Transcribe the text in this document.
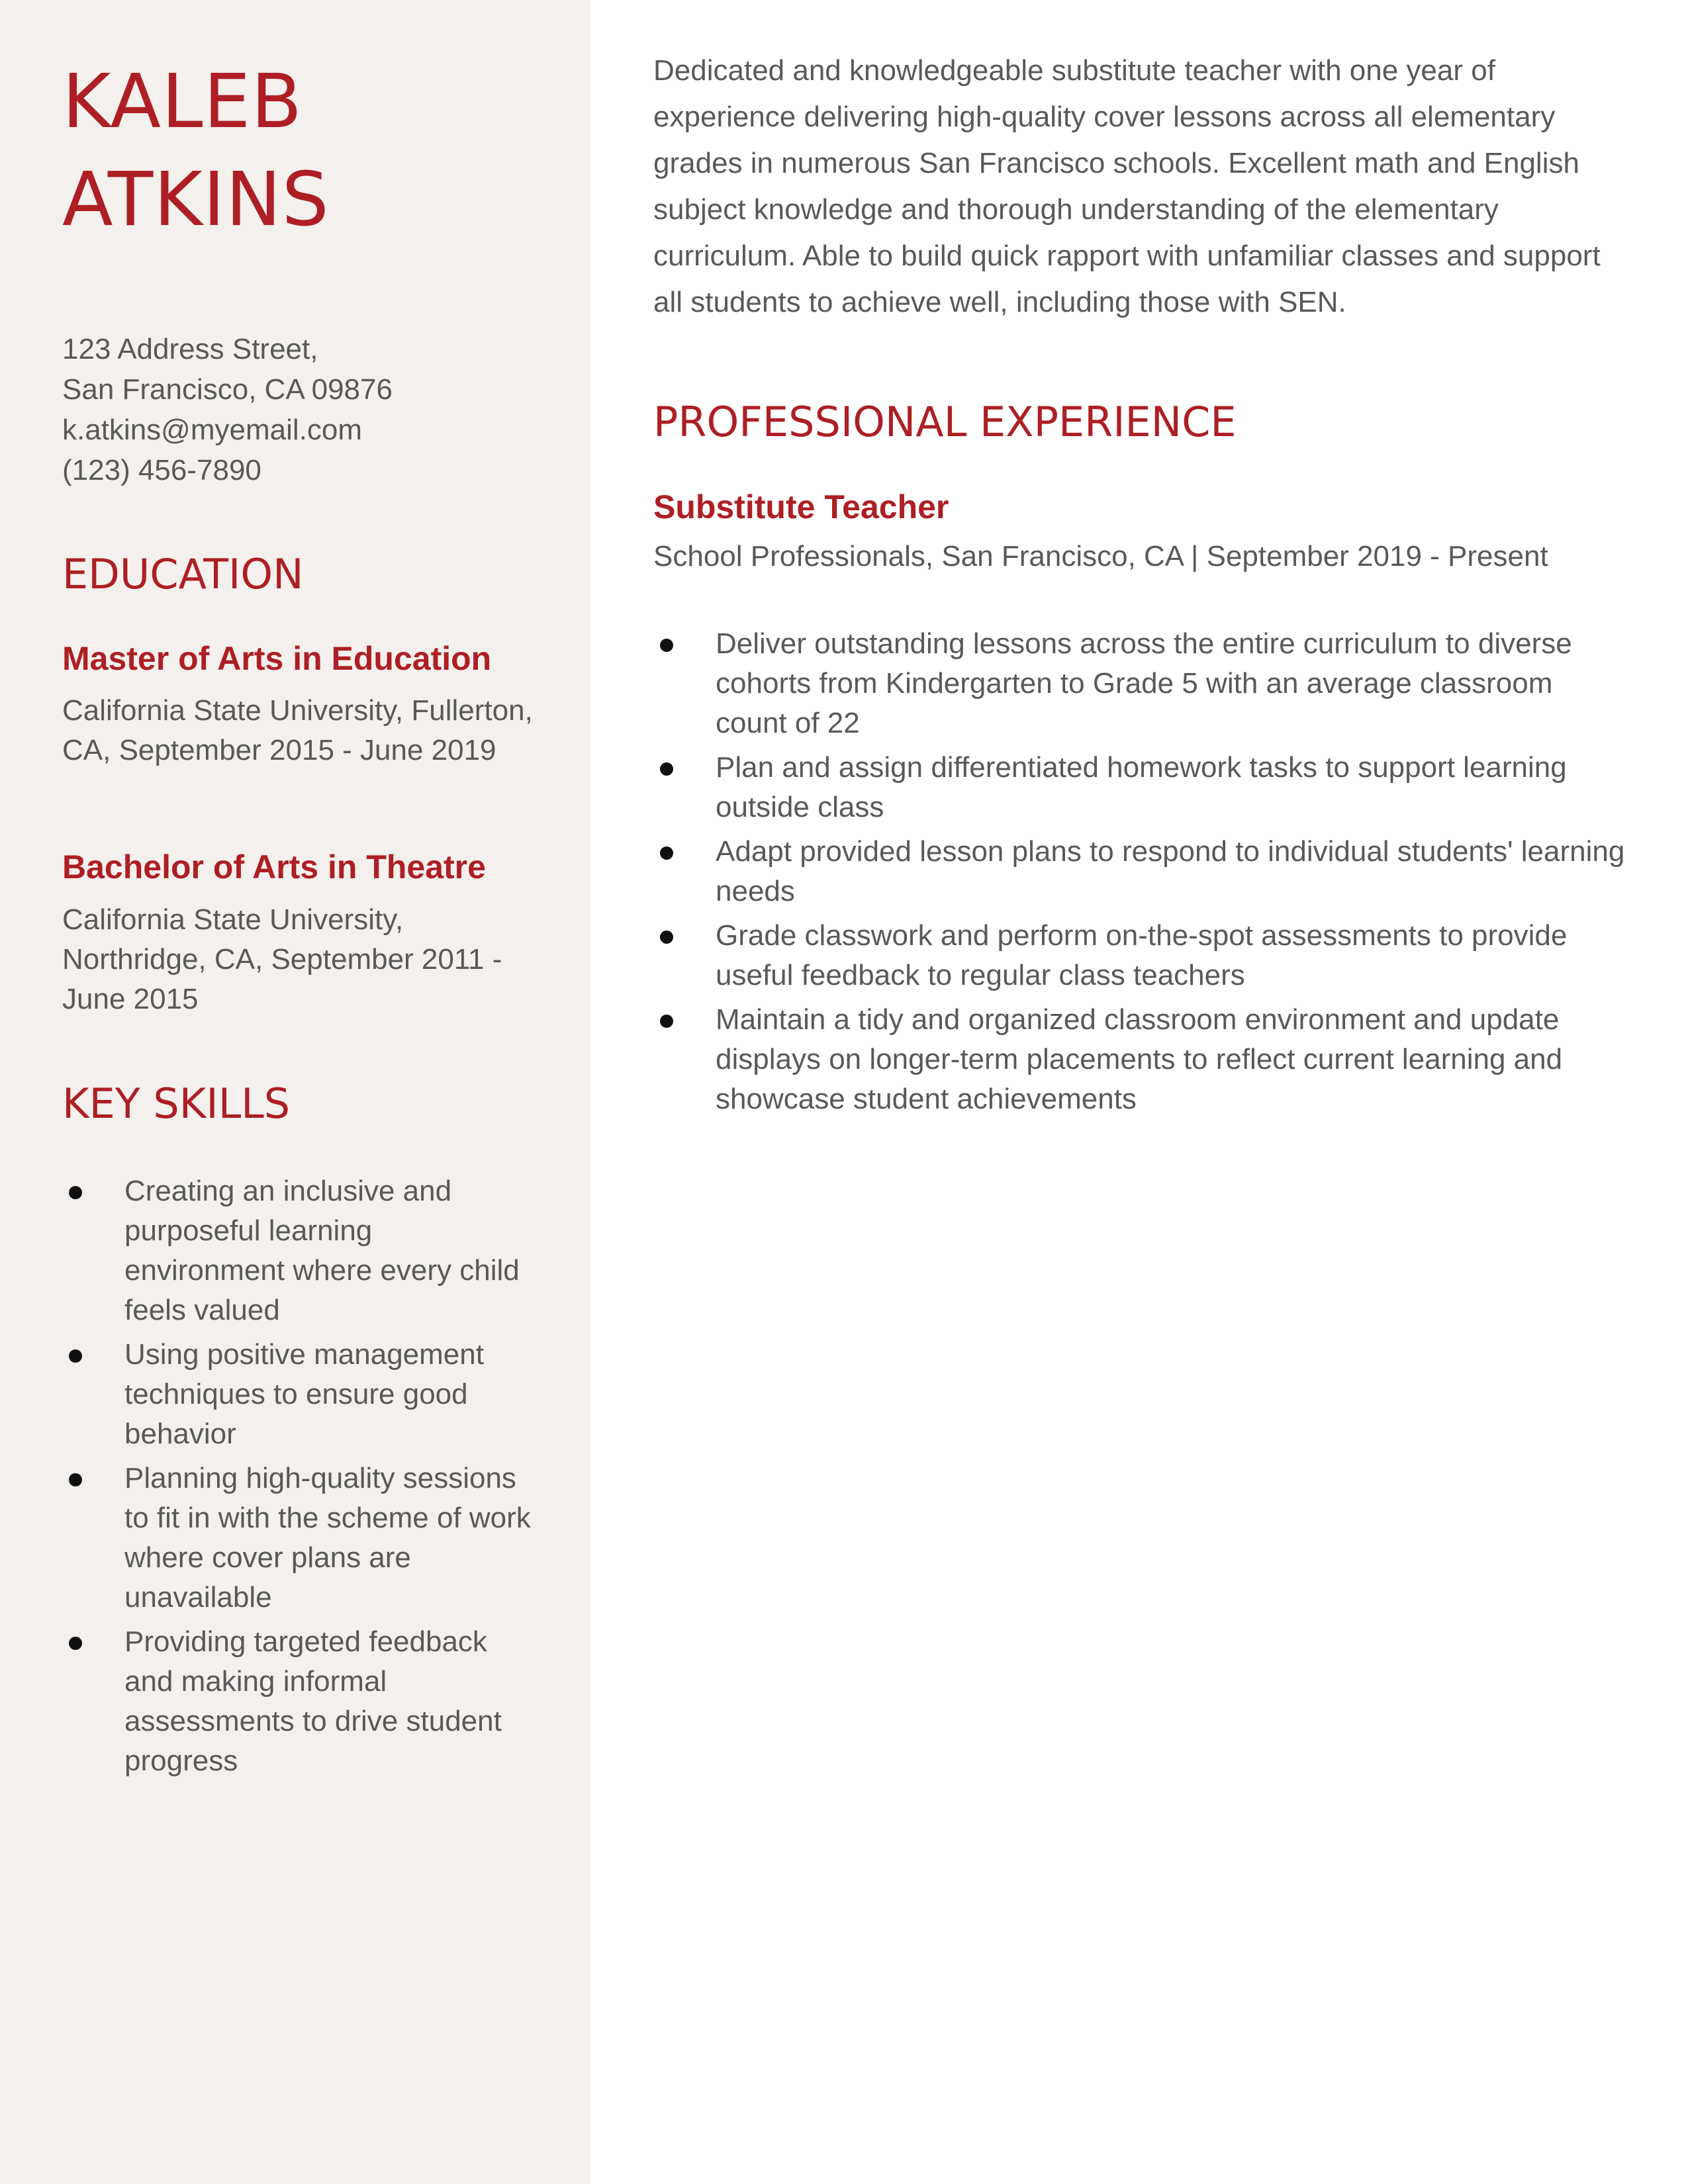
KALEB
ATKINS
123 Address Street,
San Francisco, CA 09876
k.atkins@myemail.com
(123) 456-7890
EDUCATION
Master of Arts in Education
California State University, Fullerton, CA, September 2015 - June 2019
Bachelor of Arts in Theatre
California State University, Northridge, CA, September 2011 - June 2015
KEY SKILLS
Creating an inclusive and purposeful learning environment where every child feels valued
Using positive management techniques to ensure good behavior
Planning high-quality sessions to fit in with the scheme of work where cover plans are unavailable
Providing targeted feedback and making informal assessments to drive student progress

Dedicated and knowledgeable substitute teacher with one year of experience delivering high-quality cover lessons across all elementary grades in numerous San Francisco schools. Excellent math and English subject knowledge and thorough understanding of the elementary curriculum. Able to build quick rapport with unfamiliar classes and support all students to achieve well, including those with SEN.

PROFESSIONAL EXPERIENCE
Substitute Teacher
School Professionals, San Francisco, CA | September 2019 - Present
Deliver outstanding lessons across the entire curriculum to diverse cohorts from Kindergarten to Grade 5 with an average classroom count of 22
Plan and assign differentiated homework tasks to support learning outside class
Adapt provided lesson plans to respond to individual students' learning needs
Grade classwork and perform on-the-spot assessments to provide useful feedback to regular class teachers
Maintain a tidy and organized classroom environment and update displays on longer-term placements to reflect current learning and showcase student achievements
